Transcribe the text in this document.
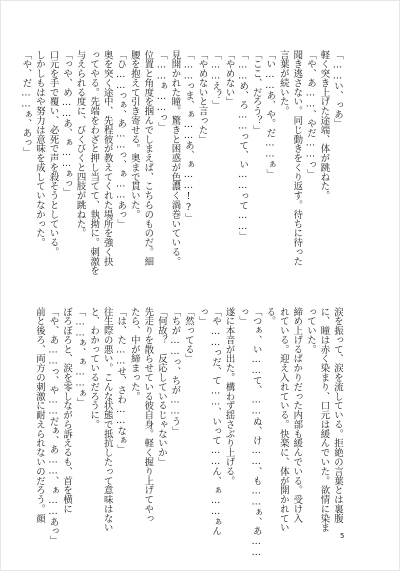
「……い、っあ」
軽く突き上げた途端、体が跳ねた。
「や、あ……、やだ……っ」
聞き逃さない。同じ動きをくり返す。待ちに待った
言葉が続いた。
「い……あ、や。だ……ぁ」
「ここ、だろう？」
「……め、ろ……って、い……って……」
「やめない」
「……え？」
「やめないと言った」
「……っま、ぁ……あ、ぁ……!?」
見開かれた瞳。驚きと困惑が色濃く渦巻いている。
「……ぁ……っ」
位置と角度を掴んでしまえば、こちらのものだ。細
腰を抱えて引き寄せる。奥まで貫いた。
「ひ……っぁ、あ……っ、ぁ……あっ」
奥を突く途中、先程彼が教えてくれた場所を強く抉
ってやる。先端をわざと押し当てて、執拗に。刺激を
与えられる度に、びくびくと四肢が跳ねた。
「っや、め……あ、ぁ……ぁっ」
口元を手で覆い、必死で声を殺そうとしている。
しかしもはや努力は意味を成していなかった。
「や、だ……ぁ、あっ」
涙を振って、涙を流している。拒絶の言葉とは裏腹
に、瞳は赤く染まり、口元は緩んでいた。欲情に染ま
っていた。
締め上げるばかりだった内部も緩んでいる。受け入
れている。迎え入れている。快楽に、体が開かれてい
る。
「つぁ、い……て、……ぬ、け……、も……ぁ、あ……
っ」
遂に本音が出た。構わず揺さぶり上げる。
「や……っだ、て……、いって……ん、ぁ……ぁん
っ」
「然ってる」
「ちが……っ、ちが……う」
「何故？　反応しているじゃないか」
先走りを散らせている彼自身。軽く握り上げてやっ
たら、中が締まった。
「は、た……せ、さわ……なぁ」
往生際の悪い。こんな状態で抵抗したって意味はない
と、わかっているだろうに。
「……ぁ、ぁ……ぁ」
ぼろぼろと、涙を零しながら訴えるも、首を横に
「や、あ……っ、や……だぁ、あ……、ぁ……あっ」
前と後ろ、両方の刺激に耐えられないのだろう。顔
5
